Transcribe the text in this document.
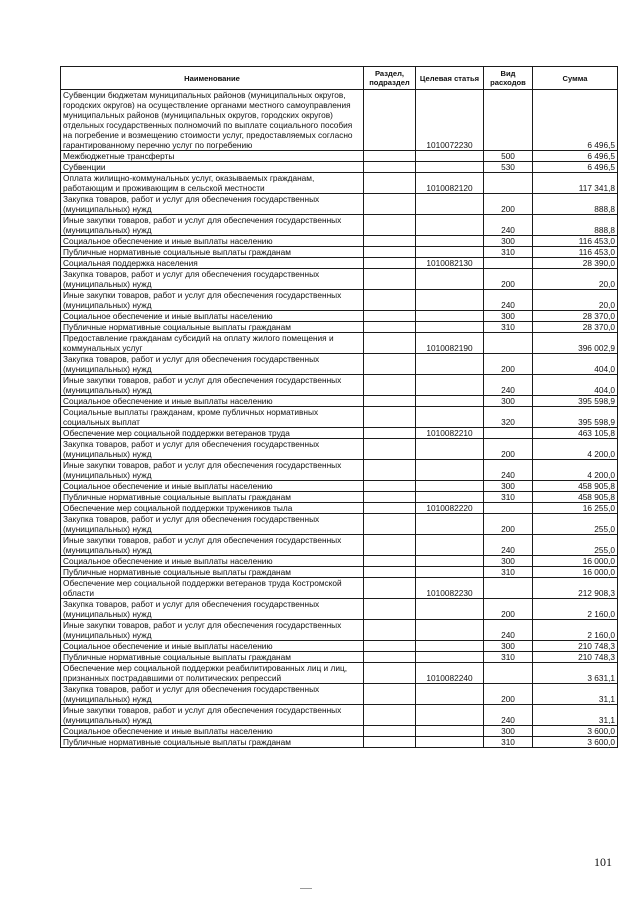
Наименование	Раздел, подраздел	Целевая статья	Вид расходов	Сумма
Субвенции бюджетам муниципальных районов (муниципальных округов, городских округов) на осуществление органами местного самоуправления муниципальных районов (муниципальных округов, городских округов) отдельных государственных полномочий по выплате социального пособия на погребение и возмещению стоимости услуг, предоставляемых согласно гарантированному перечню услуг по погребению		1010072230		6 496,5
Межбюджетные трансферты			500	6 496,5
Субвенции			530	6 496,5
Оплата жилищно-коммунальных услуг, оказываемых гражданам, работающим и проживающим в сельской местности		1010082120		117 341,8
Закупка товаров, работ и услуг для обеспечения государственных (муниципальных) нужд			200	888,8
Иные закупки товаров, работ и услуг для обеспечения государственных (муниципальных) нужд			240	888,8
Социальное обеспечение и иные выплаты населению			300	116 453,0
Публичные нормативные социальные выплаты гражданам			310	116 453,0
Социальная поддержка населения		1010082130		28 390,0
Закупка товаров, работ и услуг для обеспечения государственных (муниципальных) нужд			200	20,0
Иные закупки товаров, работ и услуг для обеспечения государственных (муниципальных) нужд			240	20,0
Социальное обеспечение и иные выплаты населению			300	28 370,0
Публичные нормативные социальные выплаты гражданам			310	28 370,0
Предоставление гражданам субсидий на оплату жилого помещения и коммунальных услуг		1010082190		396 002,9
Закупка товаров, работ и услуг для обеспечения государственных (муниципальных) нужд			200	404,0
Иные закупки товаров, работ и услуг для обеспечения государственных (муниципальных) нужд			240	404,0
Социальное обеспечение и иные выплаты населению			300	395 598,9
Социальные выплаты гражданам, кроме публичных нормативных социальных выплат			320	395 598,9
Обеспечение мер социальной поддержки ветеранов труда		1010082210		463 105,8
Закупка товаров, работ и услуг для обеспечения государственных (муниципальных) нужд			200	4 200,0
Иные закупки товаров, работ и услуг для обеспечения государственных (муниципальных) нужд			240	4 200,0
Социальное обеспечение и иные выплаты населению			300	458 905,8
Публичные нормативные социальные выплаты гражданам			310	458 905,8
Обеспечение мер социальной поддержки тружеников тыла		1010082220		16 255,0
Закупка товаров, работ и услуг для обеспечения государственных (муниципальных) нужд			200	255,0
Иные закупки товаров, работ и услуг для обеспечения государственных (муниципальных) нужд			240	255,0
Социальное обеспечение и иные выплаты населению			300	16 000,0
Публичные нормативные социальные выплаты гражданам			310	16 000,0
Обеспечение мер социальной поддержки ветеранов труда Костромской области		1010082230		212 908,3
Закупка товаров, работ и услуг для обеспечения государственных (муниципальных) нужд			200	2 160,0
Иные закупки товаров, работ и услуг для обеспечения государственных (муниципальных) нужд			240	2 160,0
Социальное обеспечение и иные выплаты населению			300	210 748,3
Публичные нормативные социальные выплаты гражданам			310	210 748,3
Обеспечение мер социальной поддержки реабилитированных лиц и лиц, признанных пострадавшими от политических репрессий		1010082240		3 631,1
Закупка товаров, работ и услуг для обеспечения государственных (муниципальных) нужд			200	31,1
Иные закупки товаров, работ и услуг для обеспечения государственных (муниципальных) нужд			240	31,1
Социальное обеспечение и иные выплаты населению			300	3 600,0
Публичные нормативные социальные выплаты гражданам			310	3 600,0
101
